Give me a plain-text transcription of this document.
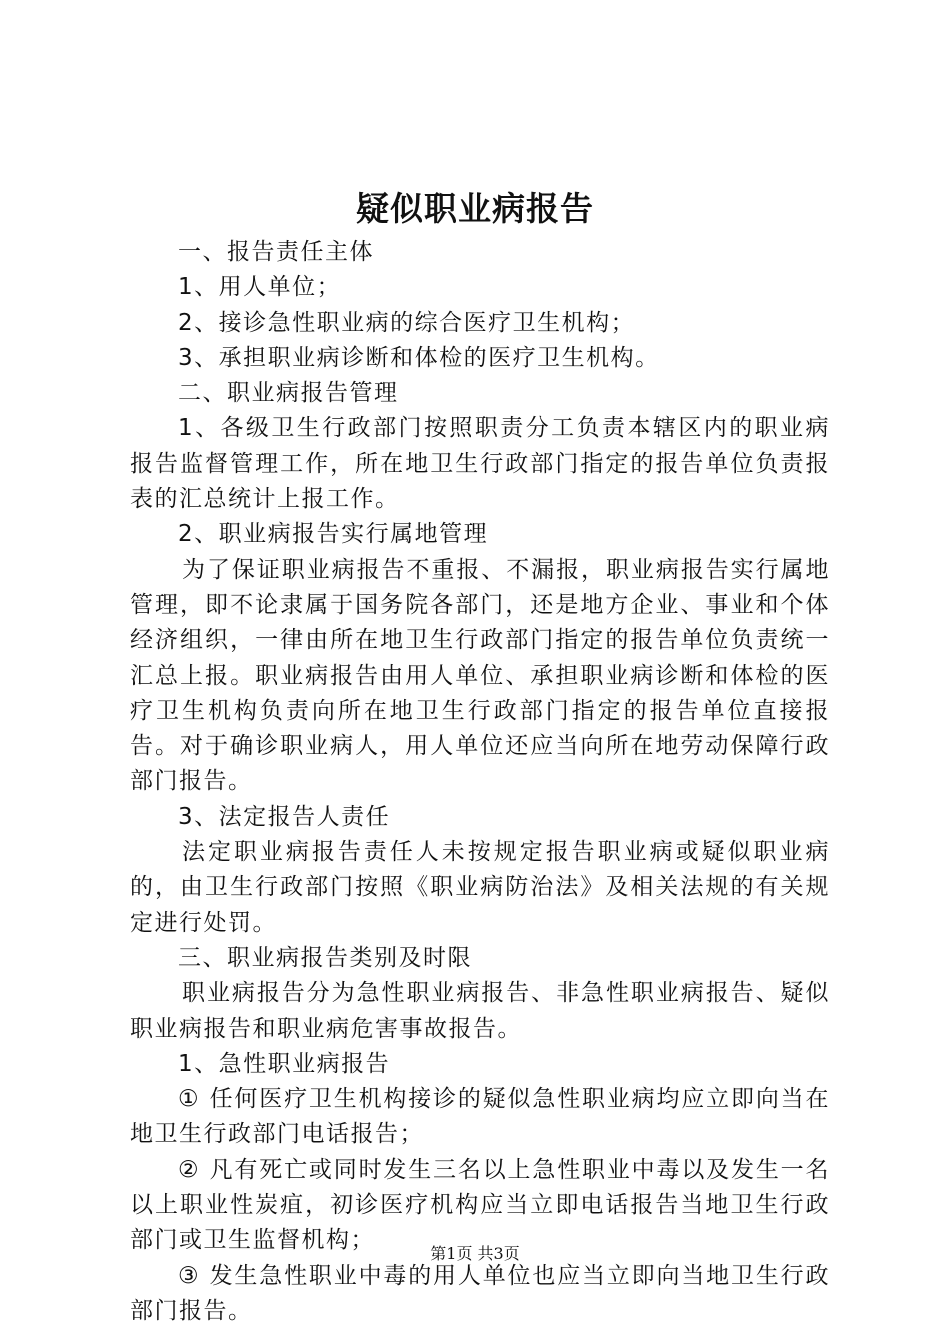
疑似职业病报告

一、报告责任主体

1、用人单位；

2、接诊急性职业病的综合医疗卫生机构；

3、承担职业病诊断和体检的医疗卫生机构。

二、职业病报告管理

1、各级卫生行政部门按照职责分工负责本辖区内的职业病报告监督管理工作，所在地卫生行政部门指定的报告单位负责报表的汇总统计上报工作。

2、职业病报告实行属地管理

为了保证职业病报告不重报、不漏报，职业病报告实行属地管理，即不论隶属于国务院各部门，还是地方企业、事业和个体经济组织，一律由所在地卫生行政部门指定的报告单位负责统一汇总上报。职业病报告由用人单位、承担职业病诊断和体检的医疗卫生机构负责向所在地卫生行政部门指定的报告单位直接报告。对于确诊职业病人，用人单位还应当向所在地劳动保障行政部门报告。

3、法定报告人责任

法定职业病报告责任人未按规定报告职业病或疑似职业病的，由卫生行政部门按照《职业病防治法》及相关法规的有关规定进行处罚。

三、职业病报告类别及时限

职业病报告分为急性职业病报告、非急性职业病报告、疑似职业病报告和职业病危害事故报告。

1、急性职业病报告

① 任何医疗卫生机构接诊的疑似急性职业病均应立即向当在地卫生行政部门电话报告；

② 凡有死亡或同时发生三名以上急性职业中毒以及发生一名以上职业性炭疽，初诊医疗机构应当立即电话报告当地卫生行政部门或卫生监督机构；

③ 发生急性职业中毒的用人单位也应当立即向当地卫生行政部门报告。

第1页 共3页
